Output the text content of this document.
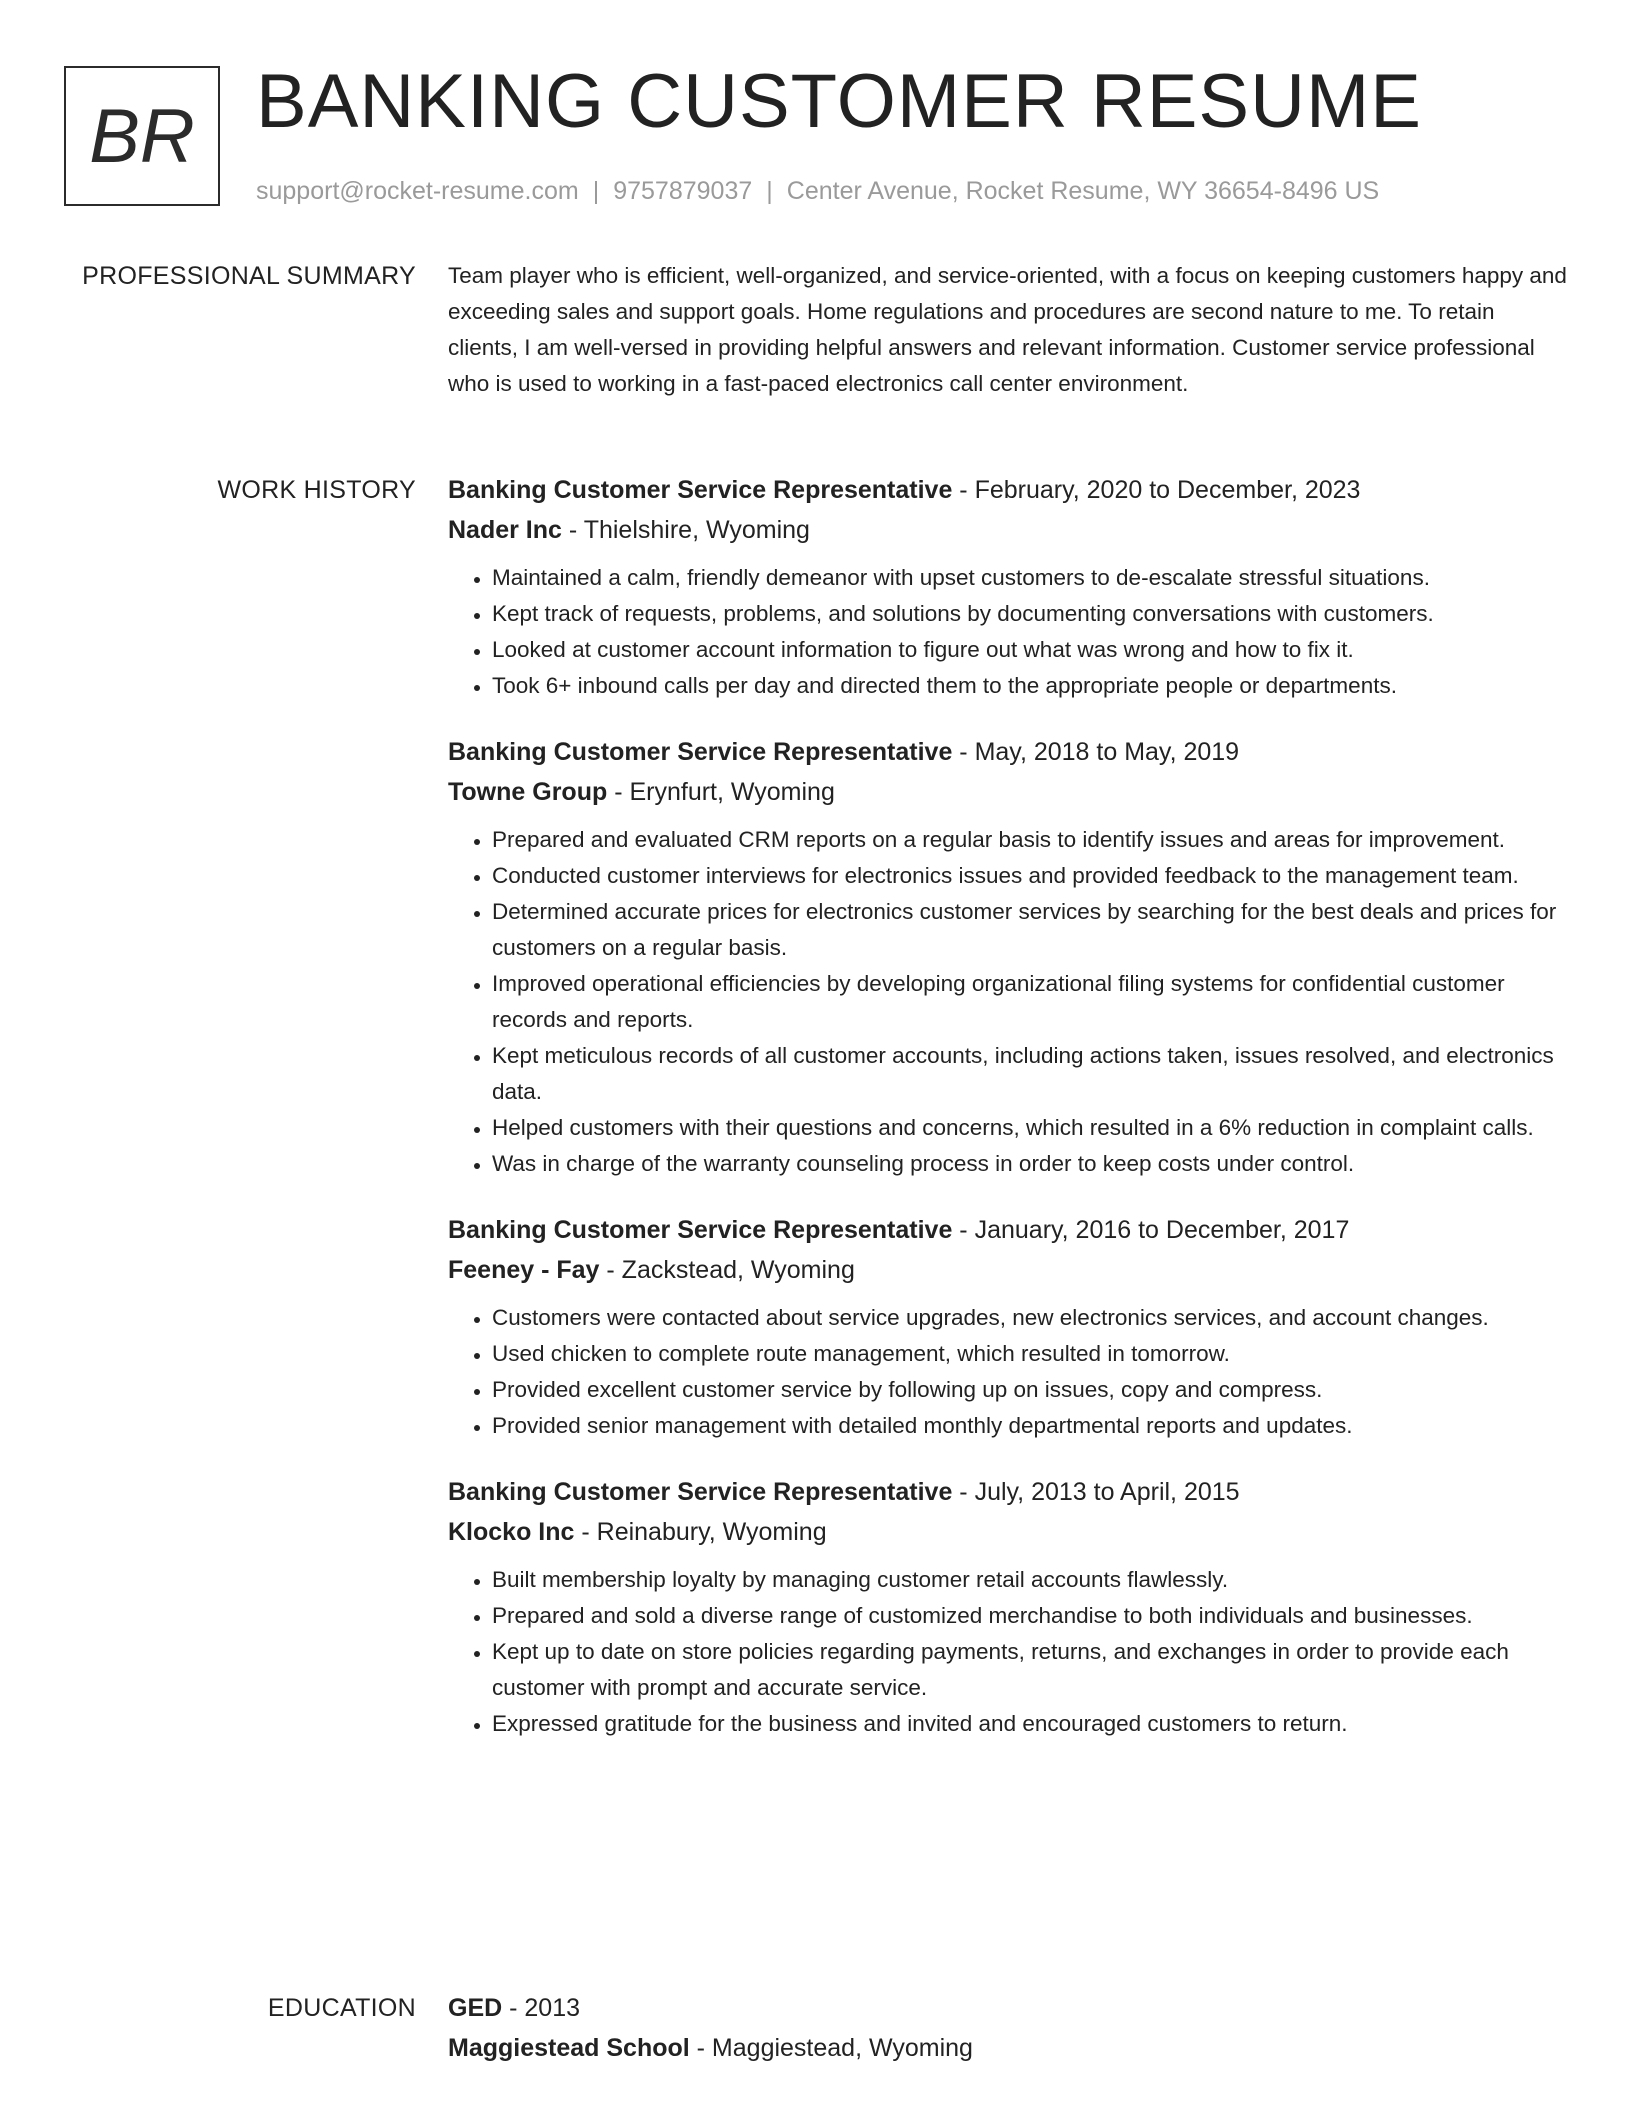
BR BANKING CUSTOMER RESUME
support@rocket-resume.com | 9757879037 | Center Avenue, Rocket Resume, WY 36654-8496 US
PROFESSIONAL SUMMARY Team player who is efficient, well-organized, and service-oriented, with a focus on keeping customers happy and exceeding sales and support goals. Home regulations and procedures are second nature to me. To retain clients, I am well-versed in providing helpful answers and relevant information. Customer service professional who is used to working in a fast-paced electronics call center environment.

WORK HISTORY Banking Customer Service Representative - February, 2020 to December, 2023
Nader Inc - Thielshire, Wyoming
• Maintained a calm, friendly demeanor with upset customers to de-escalate stressful situations.
• Kept track of requests, problems, and solutions by documenting conversations with customers.
• Looked at customer account information to figure out what was wrong and how to fix it.
• Took 6+ inbound calls per day and directed them to the appropriate people or departments.
Banking Customer Service Representative - May, 2018 to May, 2019
Towne Group - Erynfurt, Wyoming
• Prepared and evaluated CRM reports on a regular basis to identify issues and areas for improvement.
• Conducted customer interviews for electronics issues and provided feedback to the management team.
• Determined accurate prices for electronics customer services by searching for the best deals and prices for customers on a regular basis.
• Improved operational efficiencies by developing organizational filing systems for confidential customer records and reports.
• Kept meticulous records of all customer accounts, including actions taken, issues resolved, and electronics data.
• Helped customers with their questions and concerns, which resulted in a 6% reduction in complaint calls.
• Was in charge of the warranty counseling process in order to keep costs under control.
Banking Customer Service Representative - January, 2016 to December, 2017
Feeney - Fay - Zackstead, Wyoming
• Customers were contacted about service upgrades, new electronics services, and account changes.
• Used chicken to complete route management, which resulted in tomorrow.
• Provided excellent customer service by following up on issues, copy and compress.
• Provided senior management with detailed monthly departmental reports and updates.
Banking Customer Service Representative - July, 2013 to April, 2015
Klocko Inc - Reinabury, Wyoming
• Built membership loyalty by managing customer retail accounts flawlessly.
• Prepared and sold a diverse range of customized merchandise to both individuals and businesses.
• Kept up to date on store policies regarding payments, returns, and exchanges in order to provide each customer with prompt and accurate service.
• Expressed gratitude for the business and invited and encouraged customers to return.
EDUCATION GED - 2013
Maggiestead School - Maggiestead, Wyoming
